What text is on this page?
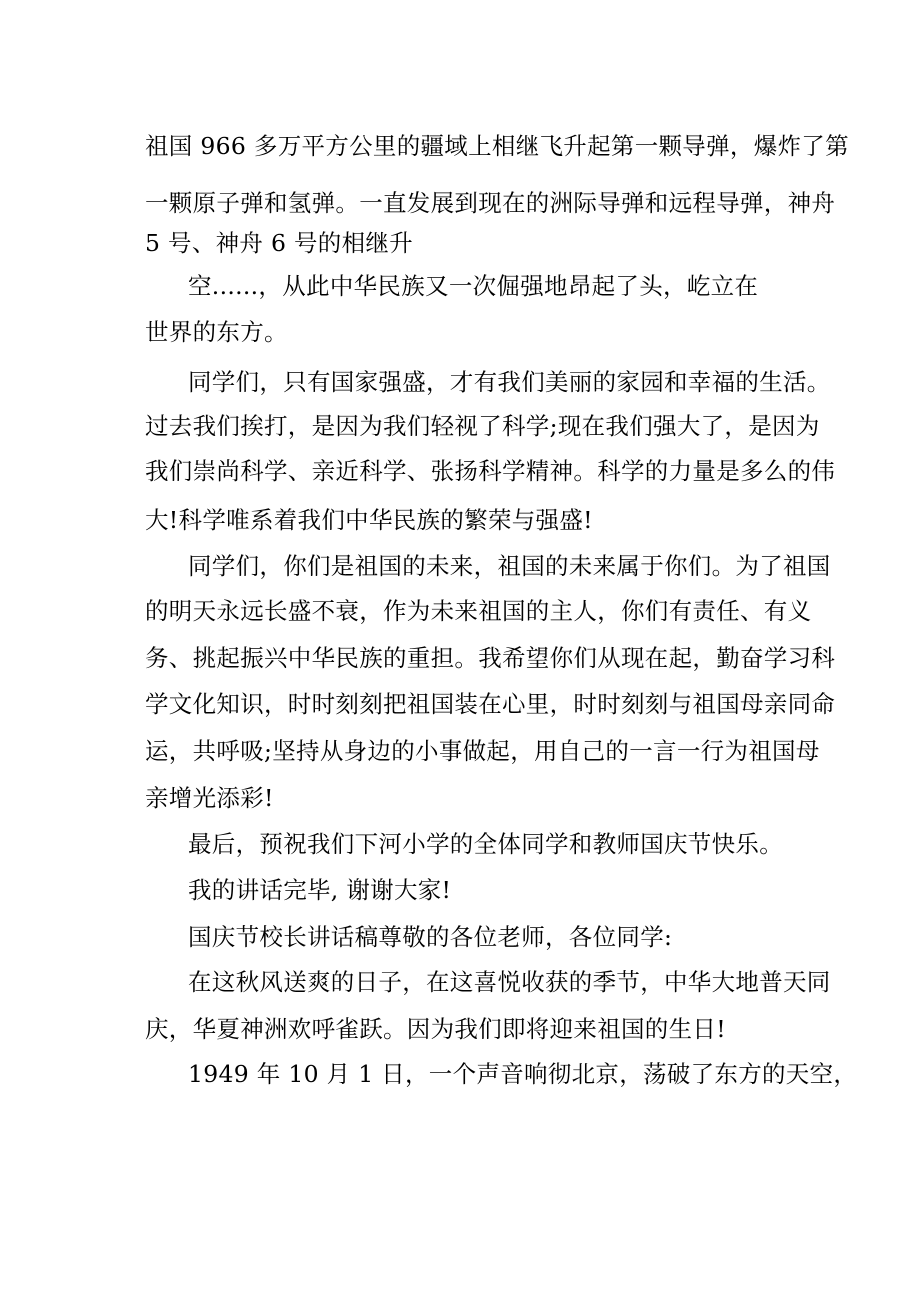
祖国 966 多万平方公里的疆域上相继飞升起第一颗导弹，爆炸了第

一颗原子弹和氢弹。一直发展到现在的洲际导弹和远程导弹，神舟

5 号、神舟 6 号的相继升

空......，从此中华民族又一次倔强地昂起了头，屹立在

世界的东方。

同学们，只有国家强盛，才有我们美丽的家园和幸福的生活。

过去我们挨打，是因为我们轻视了科学;现在我们强大了，是因为

我们崇尚科学、亲近科学、张扬科学精神。科学的力量是多么的伟

大!科学唯系着我们中华民族的繁荣与强盛!

同学们，你们是祖国的未来，祖国的未来属于你们。为了祖国

的明天永远长盛不衰，作为未来祖国的主人，你们有责任、有义

务、挑起振兴中华民族的重担。我希望你们从现在起，勤奋学习科

学文化知识，时时刻刻把祖国装在心里，时时刻刻与祖国母亲同命

运，共呼吸;坚持从身边的小事做起，用自己的一言一行为祖国母

亲增光添彩!

最后，预祝我们下河小学的全体同学和教师国庆节快乐。

我的讲话完毕, 谢谢大家!

国庆节校长讲话稿尊敬的各位老师，各位同学:

在这秋风送爽的日子，在这喜悦收获的季节，中华大地普天同

庆，华夏神洲欢呼雀跃。因为我们即将迎来祖国的生日!

1949 年 10 月 1 日，一个声音响彻北京，荡破了东方的天空，
